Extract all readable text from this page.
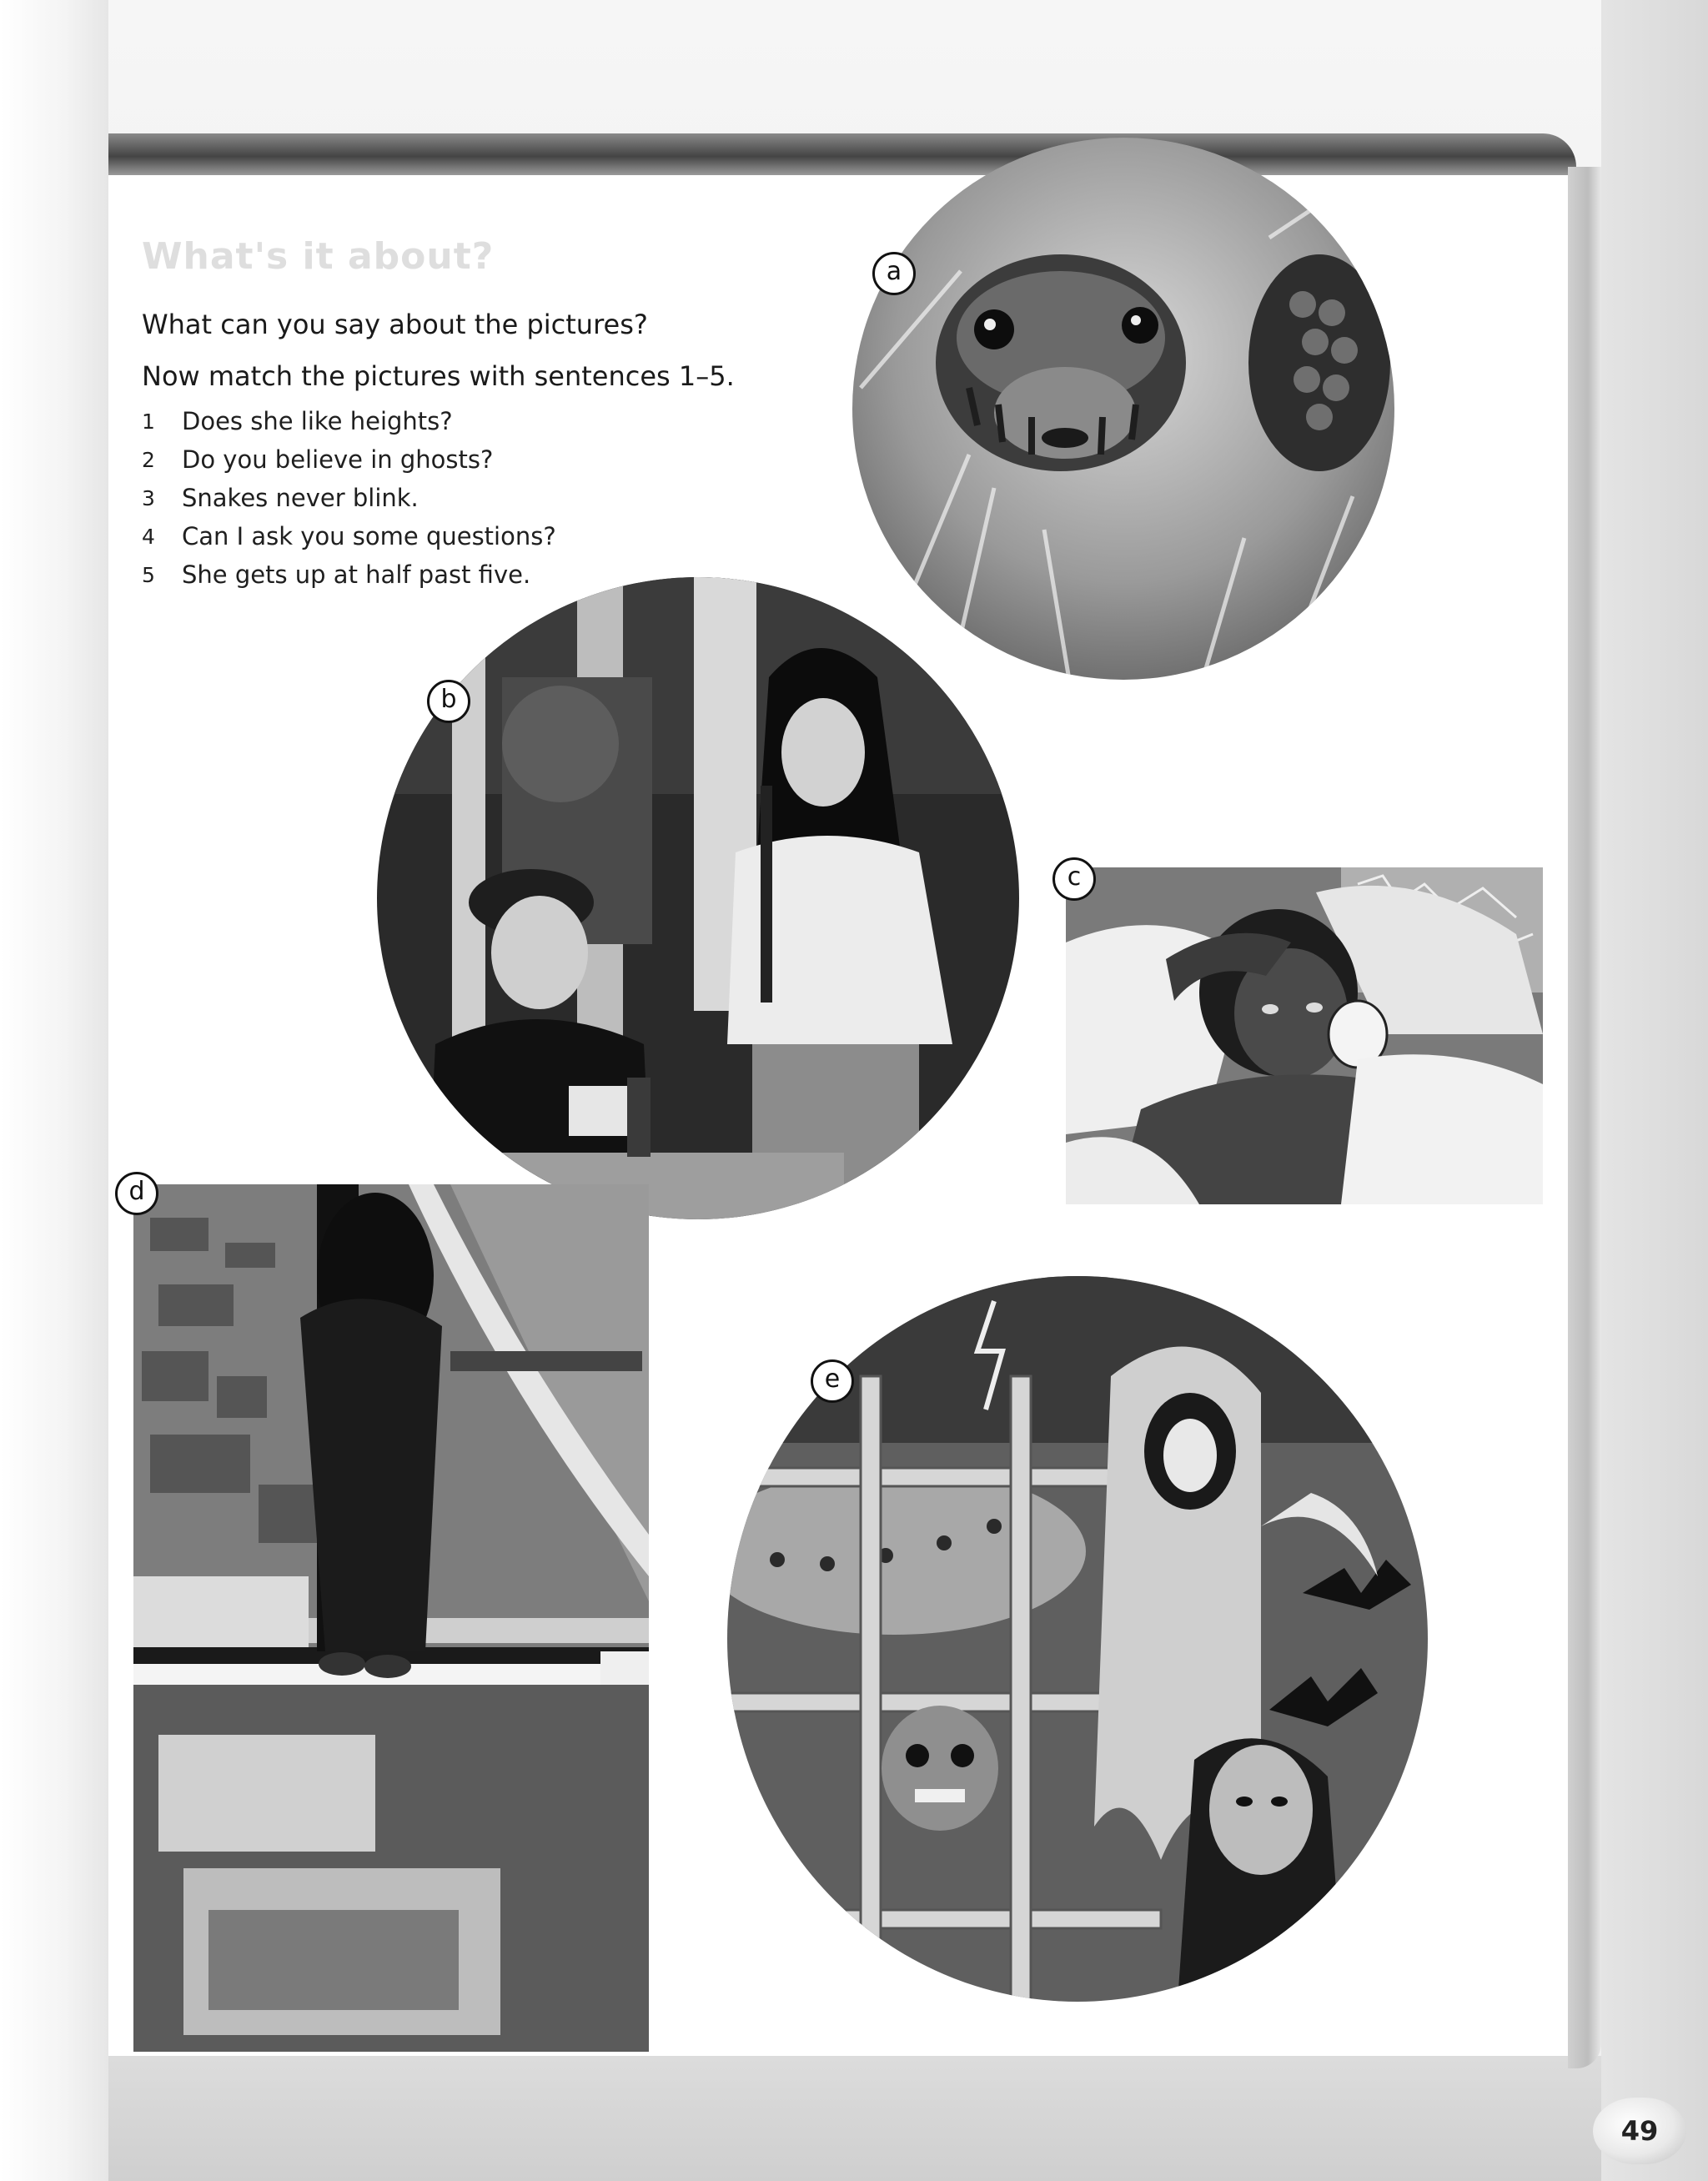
What's it about?

What can you say about the pictures?

Now match the pictures with sentences 1–5.

1	Does she like heights?
2	Do you believe in ghosts?
3	Snakes never blink.
4	Can I ask you some questions?
5	She gets up at half past five.
a
b
c
d
e
49
